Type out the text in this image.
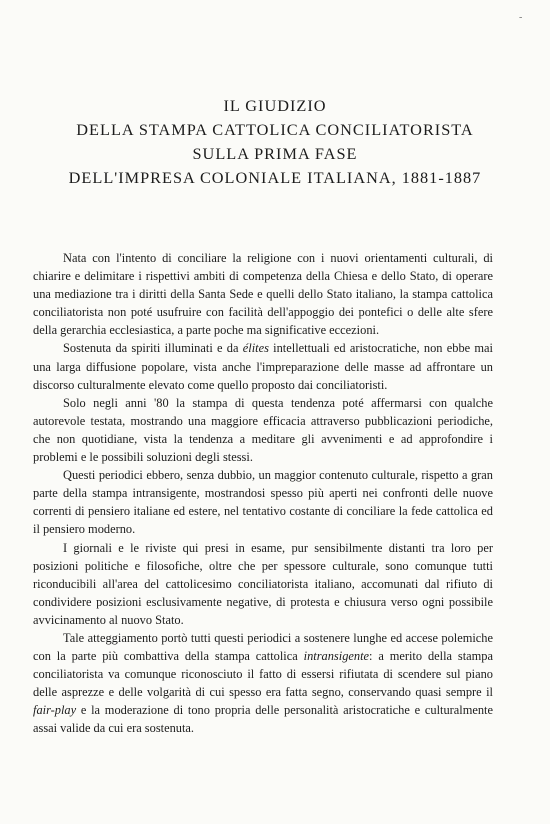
-
IL GIUDIZIO
DELLA STAMPA CATTOLICA CONCILIATORISTA
SULLA PRIMA FASE
DELL'IMPRESA COLONIALE ITALIANA, 1881-1887

Nata con l'intento di conciliare la religione con i nuovi orientamenti culturali, di chiarire e delimitare i rispettivi ambiti di competenza della Chiesa e dello Stato, di operare una mediazione tra i diritti della Santa Sede e quelli dello Stato italiano, la stampa cattolica conciliatorista non poté usufruire con facilità dell'appoggio dei pontefici o delle alte sfere della gerarchia ecclesiastica, a parte poche ma significative eccezioni.

Sostenuta da spiriti illuminati e da élites intellettuali ed aristocratiche, non ebbe mai una larga diffusione popolare, vista anche l'impreparazione delle masse ad affrontare un discorso culturalmente elevato come quello proposto dai conciliatoristi.

Solo negli anni '80 la stampa di questa tendenza poté affermarsi con qualche autorevole testata, mostrando una maggiore efficacia attraverso pubblicazioni periodiche, che non quotidiane, vista la tendenza a meditare gli avvenimenti e ad approfondire i problemi e le possibili soluzioni degli stessi.

Questi periodici ebbero, senza dubbio, un maggior contenuto culturale, rispetto a gran parte della stampa intransigente, mostrandosi spesso più aperti nei confronti delle nuove correnti di pensiero italiane ed estere, nel tentativo costante di conciliare la fede cattolica ed il pensiero moderno.

I giornali e le riviste qui presi in esame, pur sensibilmente distanti tra loro per posizioni politiche e filosofiche, oltre che per spessore culturale, sono comunque tutti riconducibili all'area del cattolicesimo conciliatorista italiano, accomunati dal rifiuto di condividere posizioni esclusivamente negative, di protesta e chiusura verso ogni possibile avvicinamento al nuovo Stato.

Tale atteggiamento portò tutti questi periodici a sostenere lunghe ed accese polemiche con la parte più combattiva della stampa cattolica intransigente: a merito della stampa conciliatorista va comunque riconosciuto il fatto di essersi rifiutata di scendere sul piano delle asprezze e delle volgarità di cui spesso era fatta segno, conservando quasi sempre il fair-play e la moderazione di tono propria delle personalità aristocratiche e culturalmente assai valide da cui era sostenuta.
